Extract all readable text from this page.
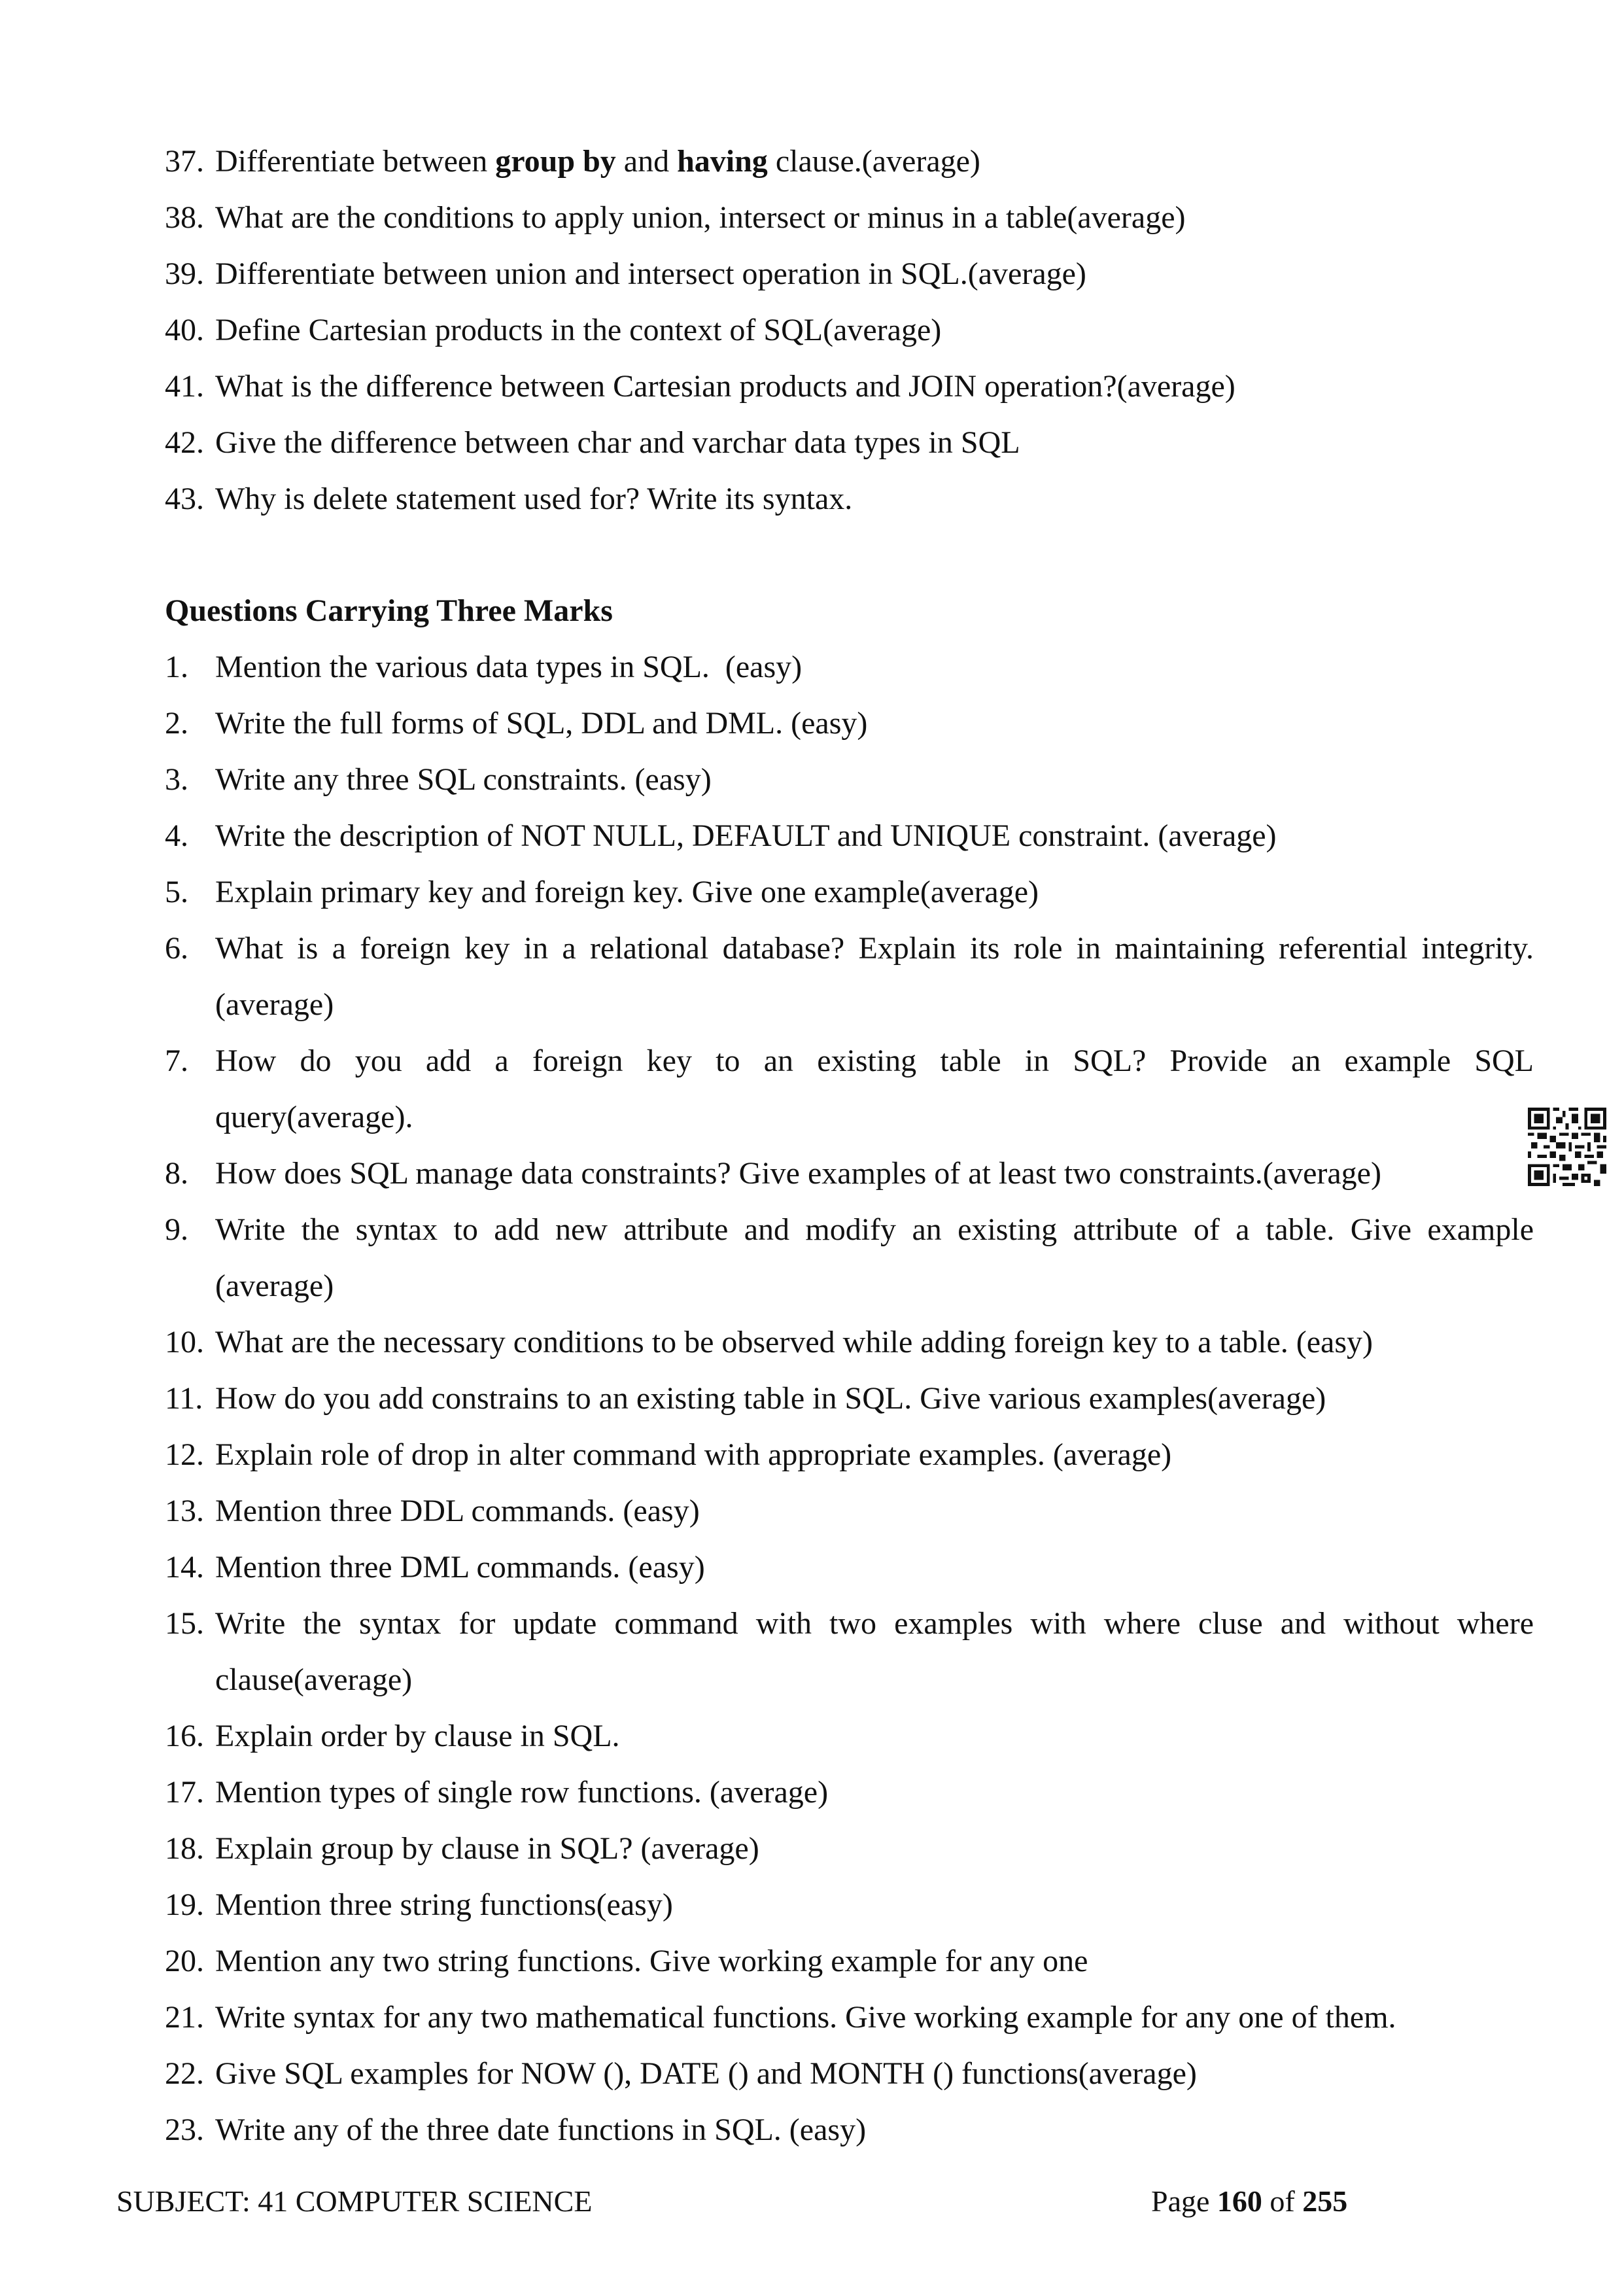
37. Differentiate between group by and having clause.(average)
38. What are the conditions to apply union, intersect or minus in a table(average)
39. Differentiate between union and intersect operation in SQL.(average)
40. Define Cartesian products in the context of SQL(average)
41. What is the difference between Cartesian products and JOIN operation?(average)
42. Give the difference between char and varchar data types in SQL
43. Why is delete statement used for? Write its syntax.
Questions Carrying Three Marks
1. Mention the various data types in SQL.  (easy)
2. Write the full forms of SQL, DDL and DML. (easy)
3. Write any three SQL constraints. (easy)
4. Write the description of NOT NULL, DEFAULT and UNIQUE constraint. (average)
5. Explain primary key and foreign key. Give one example(average)
6. What is a foreign key in a relational database? Explain its role in maintaining referential integrity.
(average)
7. How do you add a foreign key to an existing table in SQL? Provide an example SQL
query(average).
8. How does SQL manage data constraints? Give examples of at least two constraints.(average)
9. Write the syntax to add new attribute and modify an existing attribute of a table. Give example
(average)
10. What are the necessary conditions to be observed while adding foreign key to a table. (easy)
11. How do you add constrains to an existing table in SQL. Give various examples(average)
12. Explain role of drop in alter command with appropriate examples. (average)
13. Mention three DDL commands. (easy)
14. Mention three DML commands. (easy)
15. Write the syntax for update command with two examples with where cluse and without where
clause(average)
16. Explain order by clause in SQL.
17. Mention types of single row functions. (average)
18. Explain group by clause in SQL? (average)
19. Mention three string functions(easy)
20. Mention any two string functions. Give working example for any one
21. Write syntax for any two mathematical functions. Give working example for any one of them.
22. Give SQL examples for NOW (), DATE () and MONTH () functions(average)
23. Write any of the three date functions in SQL. (easy)
SUBJECT: 41 COMPUTER SCIENCE	Page 160 of 255
